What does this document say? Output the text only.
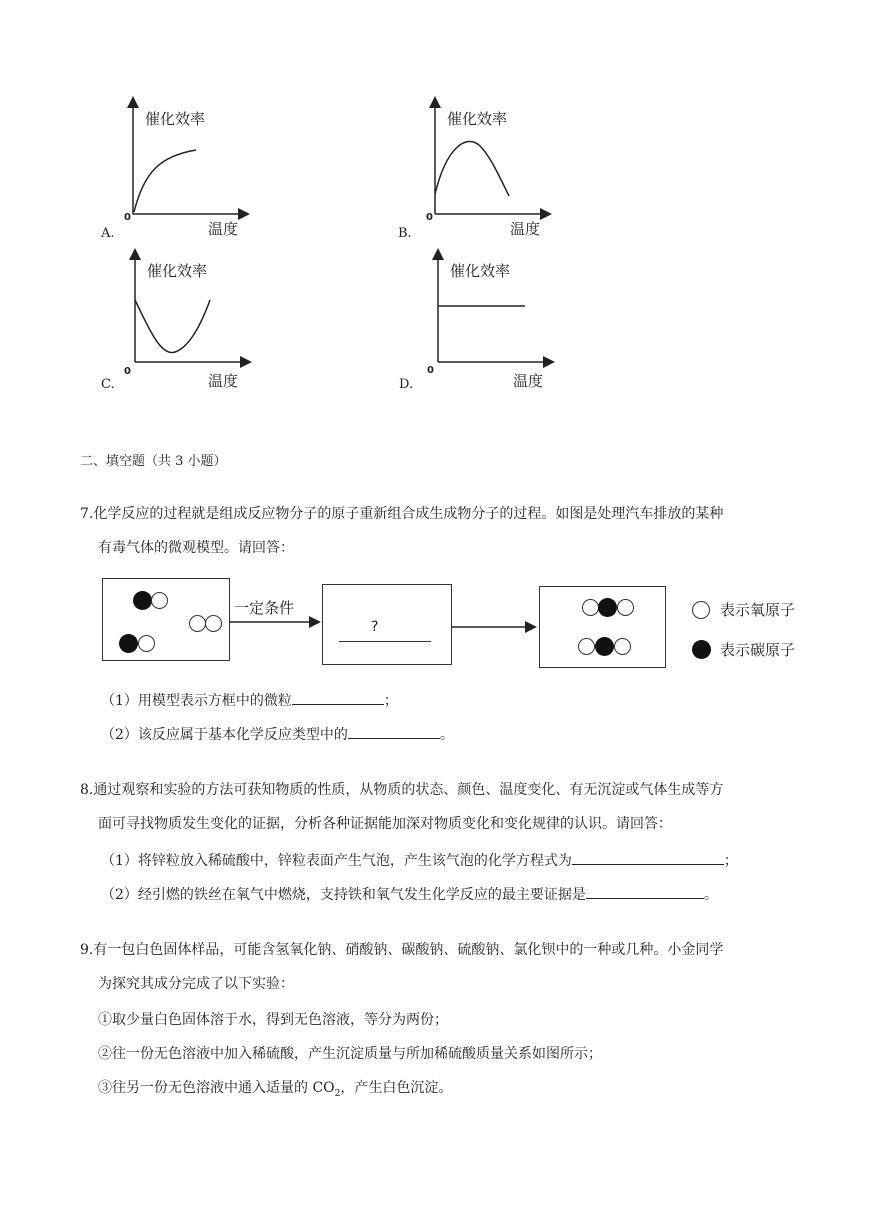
催化效率
温度
0
A.
催化效率
温度
0
B.
催化效率
温度
0
C.
催化效率
温度
0
D.
二、填空题（共 3 小题）
7.化学反应的过程就是组成反应物分子的原子重新组合成生成物分子的过程。如图是处理汽车排放的某种
有毒气体的微观模型。请回答：
一定条件
?
表示氧原子
表示碳原子
（1）用模型表示方框中的微粒	；
（2）该反应属于基本化学反应类型中的	。
8.通过观察和实验的方法可获知物质的性质，从物质的状态、颜色、温度变化、有无沉淀或气体生成等方
面可寻找物质发生变化的证据，分析各种证据能加深对物质变化和变化规律的认识。请回答：
（1）将锌粒放入稀硫酸中，锌粒表面产生气泡，产生该气泡的化学方程式为	；
（2）经引燃的铁丝在氧气中燃烧，支持铁和氧气发生化学反应的最主要证据是	。
9.有一包白色固体样品，可能含氢氧化钠、硝酸钠、碳酸钠、硫酸钠、氯化钡中的一种或几种。小金同学
为探究其成分完成了以下实验：
①取少量白色固体溶于水，得到无色溶液，等分为两份；
②往一份无色溶液中加入稀硫酸，产生沉淀质量与所加稀硫酸质量关系如图所示；
③往另一份无色溶液中通入适量的 $CO_2$，产生白色沉淀。
